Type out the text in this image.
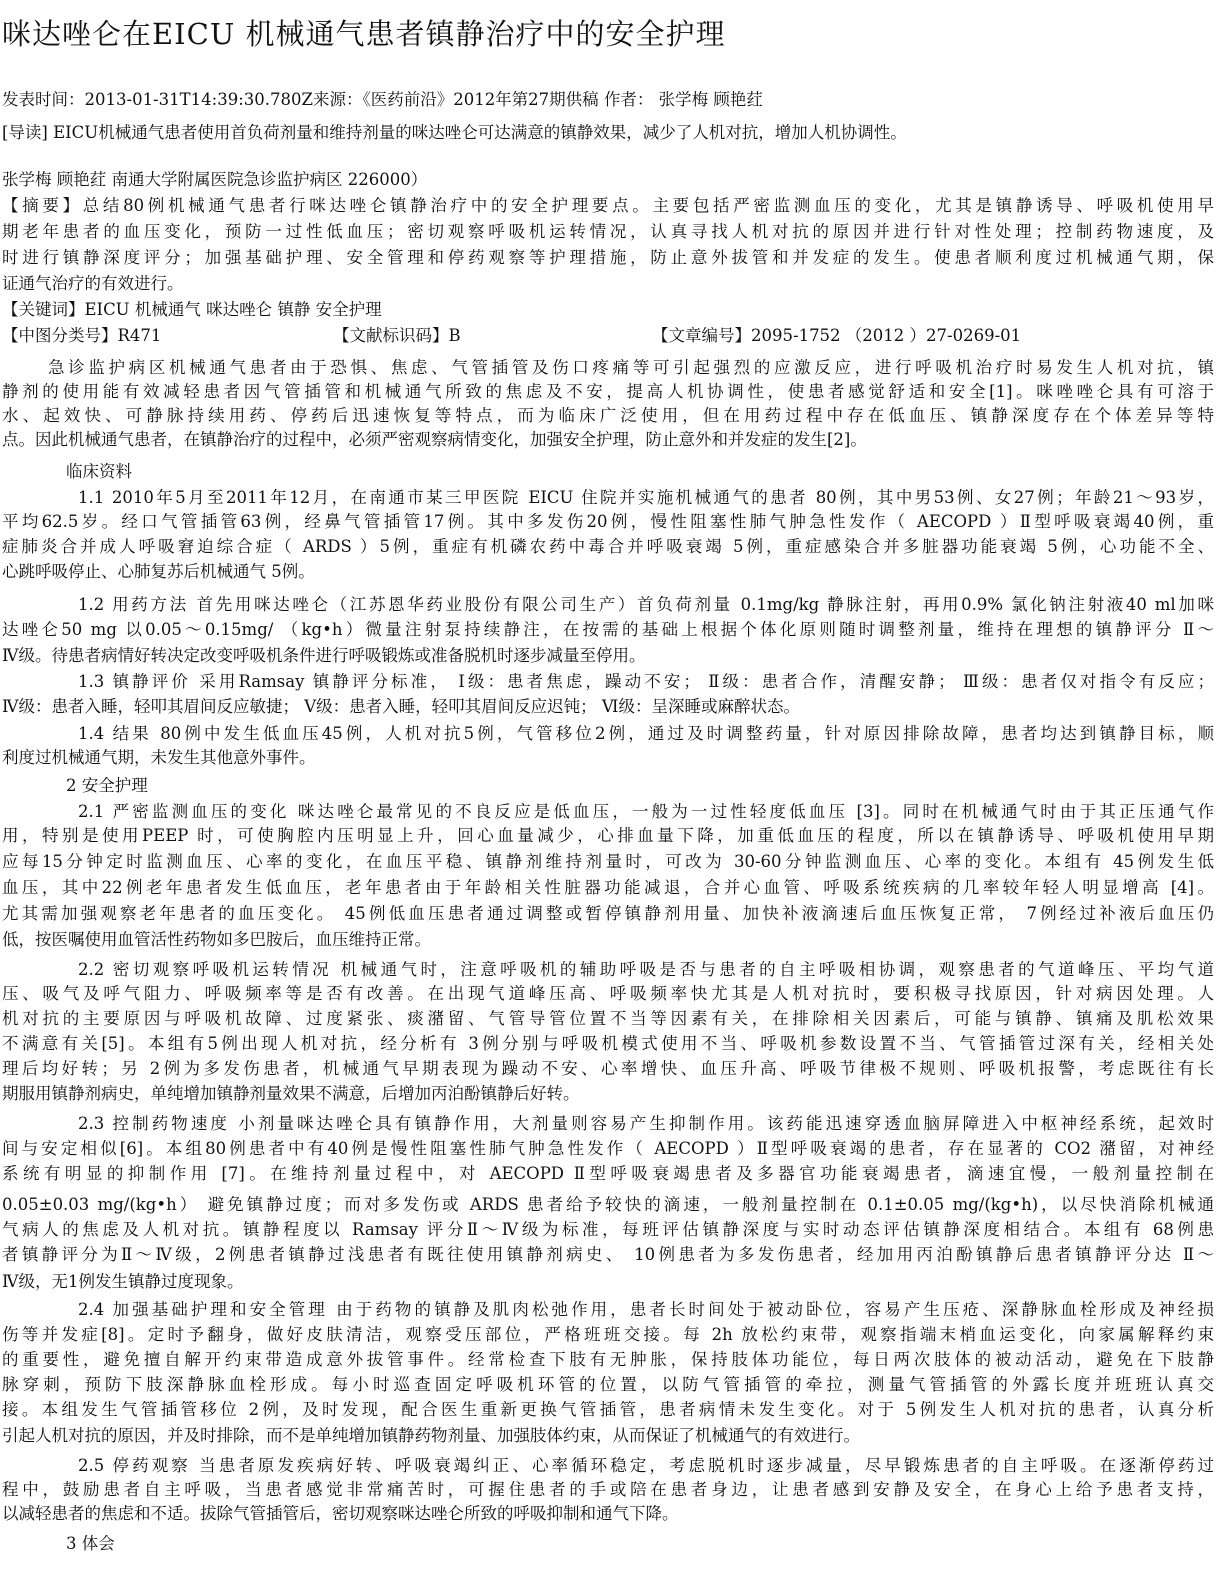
咪达唑仑在EICU 机械通气患者镇静治疗中的安全护理
发表时间：2013-01-31T14:39:30.780Z来源：《医药前沿》2012年第27期供稿 作者： 张学梅 顾艳荭
[导读] EICU机械通气患者使用首负荷剂量和维持剂量的咪达唑仑可达满意的镇静效果，减少了人机对抗，增加人机协调性。
张学梅 顾艳荭 南通大学附属医院急诊监护病区 226000）
【摘要】总结80例机械通气患者行咪达唑仑镇静治疗中的安全护理要点。主要包括严密监测血压的变化，尤其是镇静诱导、呼吸机使用早
期老年患者的血压变化，预防一过性低血压；密切观察呼吸机运转情况，认真寻找人机对抗的原因并进行针对性处理；控制药物速度，及
时进行镇静深度评分；加强基础护理、安全管理和停药观察等护理措施，防止意外拔管和并发症的发生。使患者顺利度过机械通气期，保
证通气治疗的有效进行。
【关键词】EICU 机械通气 咪达唑仑 镇静 安全护理
【中图分类号】R471	【文献标识码】B	【文章编号】2095-1752 （2012 ）27-0269-01
急诊监护病区机械通气患者由于恐惧、焦虑、气管插管及伤口疼痛等可引起强烈的应激反应，进行呼吸机治疗时易发生人机对抗，镇
静剂的使用能有效减轻患者因气管插管和机械通气所致的焦虑及不安，提高人机协调性，使患者感觉舒适和安全[1]。咪唑唑仑具有可溶于
水、起效快、可静脉持续用药、停药后迅速恢复等特点，而为临床广泛使用，但在用药过程中存在低血压、镇静深度存在个体差异等特
点。因此机械通气患者，在镇静治疗的过程中，必须严密观察病情变化，加强安全护理，防止意外和并发症的发生[2]。
临床资料
1.1 2010年5月至2011年12月，在南通市某三甲医院 EICU 住院并实施机械通气的患者 80例，其中男53例、女27例；年龄21～93岁，
平均62.5岁。经口气管插管63例，经鼻气管插管17例。其中多发伤20例，慢性阻塞性肺气肿急性发作（ AECOPD ）Ⅱ型呼吸衰竭40例，重
症肺炎合并成人呼吸窘迫综合症（ ARDS ）5例，重症有机磷农药中毒合并呼吸衰竭 5例，重症感染合并多脏器功能衰竭 5例，心功能不全、
心跳呼吸停止、心肺复苏后机械通气 5例。
1.2 用药方法 首先用咪达唑仑（江苏恩华药业股份有限公司生产）首负荷剂量 0.1mg/kg 静脉注射，再用0.9% 氯化钠注射液40 ml加咪
达唑仑50 mg 以0.05～0.15mg/ （kg•h）微量注射泵持续静注，在按需的基础上根据个体化原则随时调整剂量，维持在理想的镇静评分 Ⅱ～
Ⅳ级。待患者病情好转决定改变呼吸机条件进行呼吸锻炼或准备脱机时逐步减量至停用。
1.3 镇静评价 采用Ramsay 镇静评分标准， Ⅰ级：患者焦虑，躁动不安； Ⅱ级：患者合作，清醒安静； Ⅲ级：患者仅对指令有反应；
Ⅳ级：患者入睡，轻叩其眉间反应敏捷； Ⅴ级：患者入睡，轻叩其眉间反应迟钝； Ⅵ级：呈深睡或麻醉状态。
1.4 结果 80例中发生低血压45例，人机对抗5例，气管移位2例，通过及时调整药量，针对原因排除故障，患者均达到镇静目标，顺
利度过机械通气期，未发生其他意外事件。
2 安全护理
2.1 严密监测血压的变化 咪达唑仑最常见的不良反应是低血压，一般为一过性轻度低血压 [3]。同时在机械通气时由于其正压通气作
用，特别是使用PEEP 时，可使胸腔内压明显上升，回心血量减少，心排血量下降，加重低血压的程度，所以在镇静诱导、呼吸机使用早期
应每15分钟定时监测血压、心率的变化，在血压平稳、镇静剂维持剂量时，可改为 30-60分钟监测血压、心率的变化。本组有 45例发生低
血压，其中22例老年患者发生低血压，老年患者由于年龄相关性脏器功能减退，合并心血管、呼吸系统疾病的几率较年轻人明显增高 [4]。
尤其需加强观察老年患者的血压变化。 45例低血压患者通过调整或暂停镇静剂用量、加快补液滴速后血压恢复正常， 7例经过补液后血压仍
低，按医嘱使用血管活性药物如多巴胺后，血压维持正常。
2.2 密切观察呼吸机运转情况 机械通气时，注意呼吸机的辅助呼吸是否与患者的自主呼吸相协调，观察患者的气道峰压、平均气道
压、吸气及呼气阻力、呼吸频率等是否有改善。在出现气道峰压高、呼吸频率快尤其是人机对抗时，要积极寻找原因，针对病因处理。人
机对抗的主要原因与呼吸机故障、过度紧张、痰潴留、气管导管位置不当等因素有关，在排除相关因素后，可能与镇静、镇痛及肌松效果
不满意有关[5]。本组有5例出现人机对抗，经分析有 3例分别与呼吸机模式使用不当、呼吸机参数设置不当、气管插管过深有关，经相关处
理后均好转；另 2例为多发伤患者，机械通气早期表现为躁动不安、心率增快、血压升高、呼吸节律极不规则、呼吸机报警，考虑既往有长
期服用镇静剂病史，单纯增加镇静剂量效果不满意，后增加丙泊酚镇静后好转。
2.3 控制药物速度 小剂量咪达唑仑具有镇静作用，大剂量则容易产生抑制作用。该药能迅速穿透血脑屏障进入中枢神经系统，起效时
间与安定相似[6]。本组80例患者中有40例是慢性阻塞性肺气肿急性发作（ AECOPD ）Ⅱ型呼吸衰竭的患者，存在显著的 CO2 潴留，对神经
系统有明显的抑制作用 [7]。在维持剂量过程中，对 AECOPD Ⅱ型呼吸衰竭患者及多器官功能衰竭患者，滴速宜慢，一般剂量控制在
0.05±0.03 mg/(kg•h） 避免镇静过度；而对多发伤或 ARDS 患者给予较快的滴速，一般剂量控制在 0.1±0.05 mg/(kg•h)，以尽快消除机械通
气病人的焦虑及人机对抗。镇静程度以 Ramsay 评分Ⅱ～Ⅳ级为标准，每班评估镇静深度与实时动态评估镇静深度相结合。本组有 68例患
者镇静评分为Ⅱ～Ⅳ级，2例患者镇静过浅患者有既往使用镇静剂病史、 10例患者为多发伤患者，经加用丙泊酚镇静后患者镇静评分达 Ⅱ～
Ⅳ级，无1例发生镇静过度现象。
2.4 加强基础护理和安全管理 由于药物的镇静及肌肉松弛作用，患者长时间处于被动卧位，容易产生压疮、深静脉血栓形成及神经损
伤等并发症[8]。定时予翻身，做好皮肤清洁，观察受压部位，严格班班交接。每 2h 放松约束带，观察指端末梢血运变化，向家属解释约束
的重要性，避免擅自解开约束带造成意外拔管事件。经常检查下肢有无肿胀，保持肢体功能位，每日两次肢体的被动活动，避免在下肢静
脉穿刺，预防下肢深静脉血栓形成。每小时巡查固定呼吸机环管的位置，以防气管插管的牵拉，测量气管插管的外露长度并班班认真交
接。本组发生气管插管移位 2例，及时发现，配合医生重新更换气管插管，患者病情未发生变化。对于 5例发生人机对抗的患者，认真分析
引起人机对抗的原因，并及时排除，而不是单纯增加镇静药物剂量、加强肢体约束，从而保证了机械通气的有效进行。
2.5 停药观察 当患者原发疾病好转、呼吸衰竭纠正、心率循环稳定，考虑脱机时逐步减量，尽早锻炼患者的自主呼吸。在逐渐停药过
程中，鼓励患者自主呼吸，当患者感觉非常痛苦时，可握住患者的手或陪在患者身边，让患者感到安静及安全，在身心上给予患者支持，
以减轻患者的焦虑和不适。拔除气管插管后，密切观察咪达唑仑所致的呼吸抑制和通气下降。
3 体会
